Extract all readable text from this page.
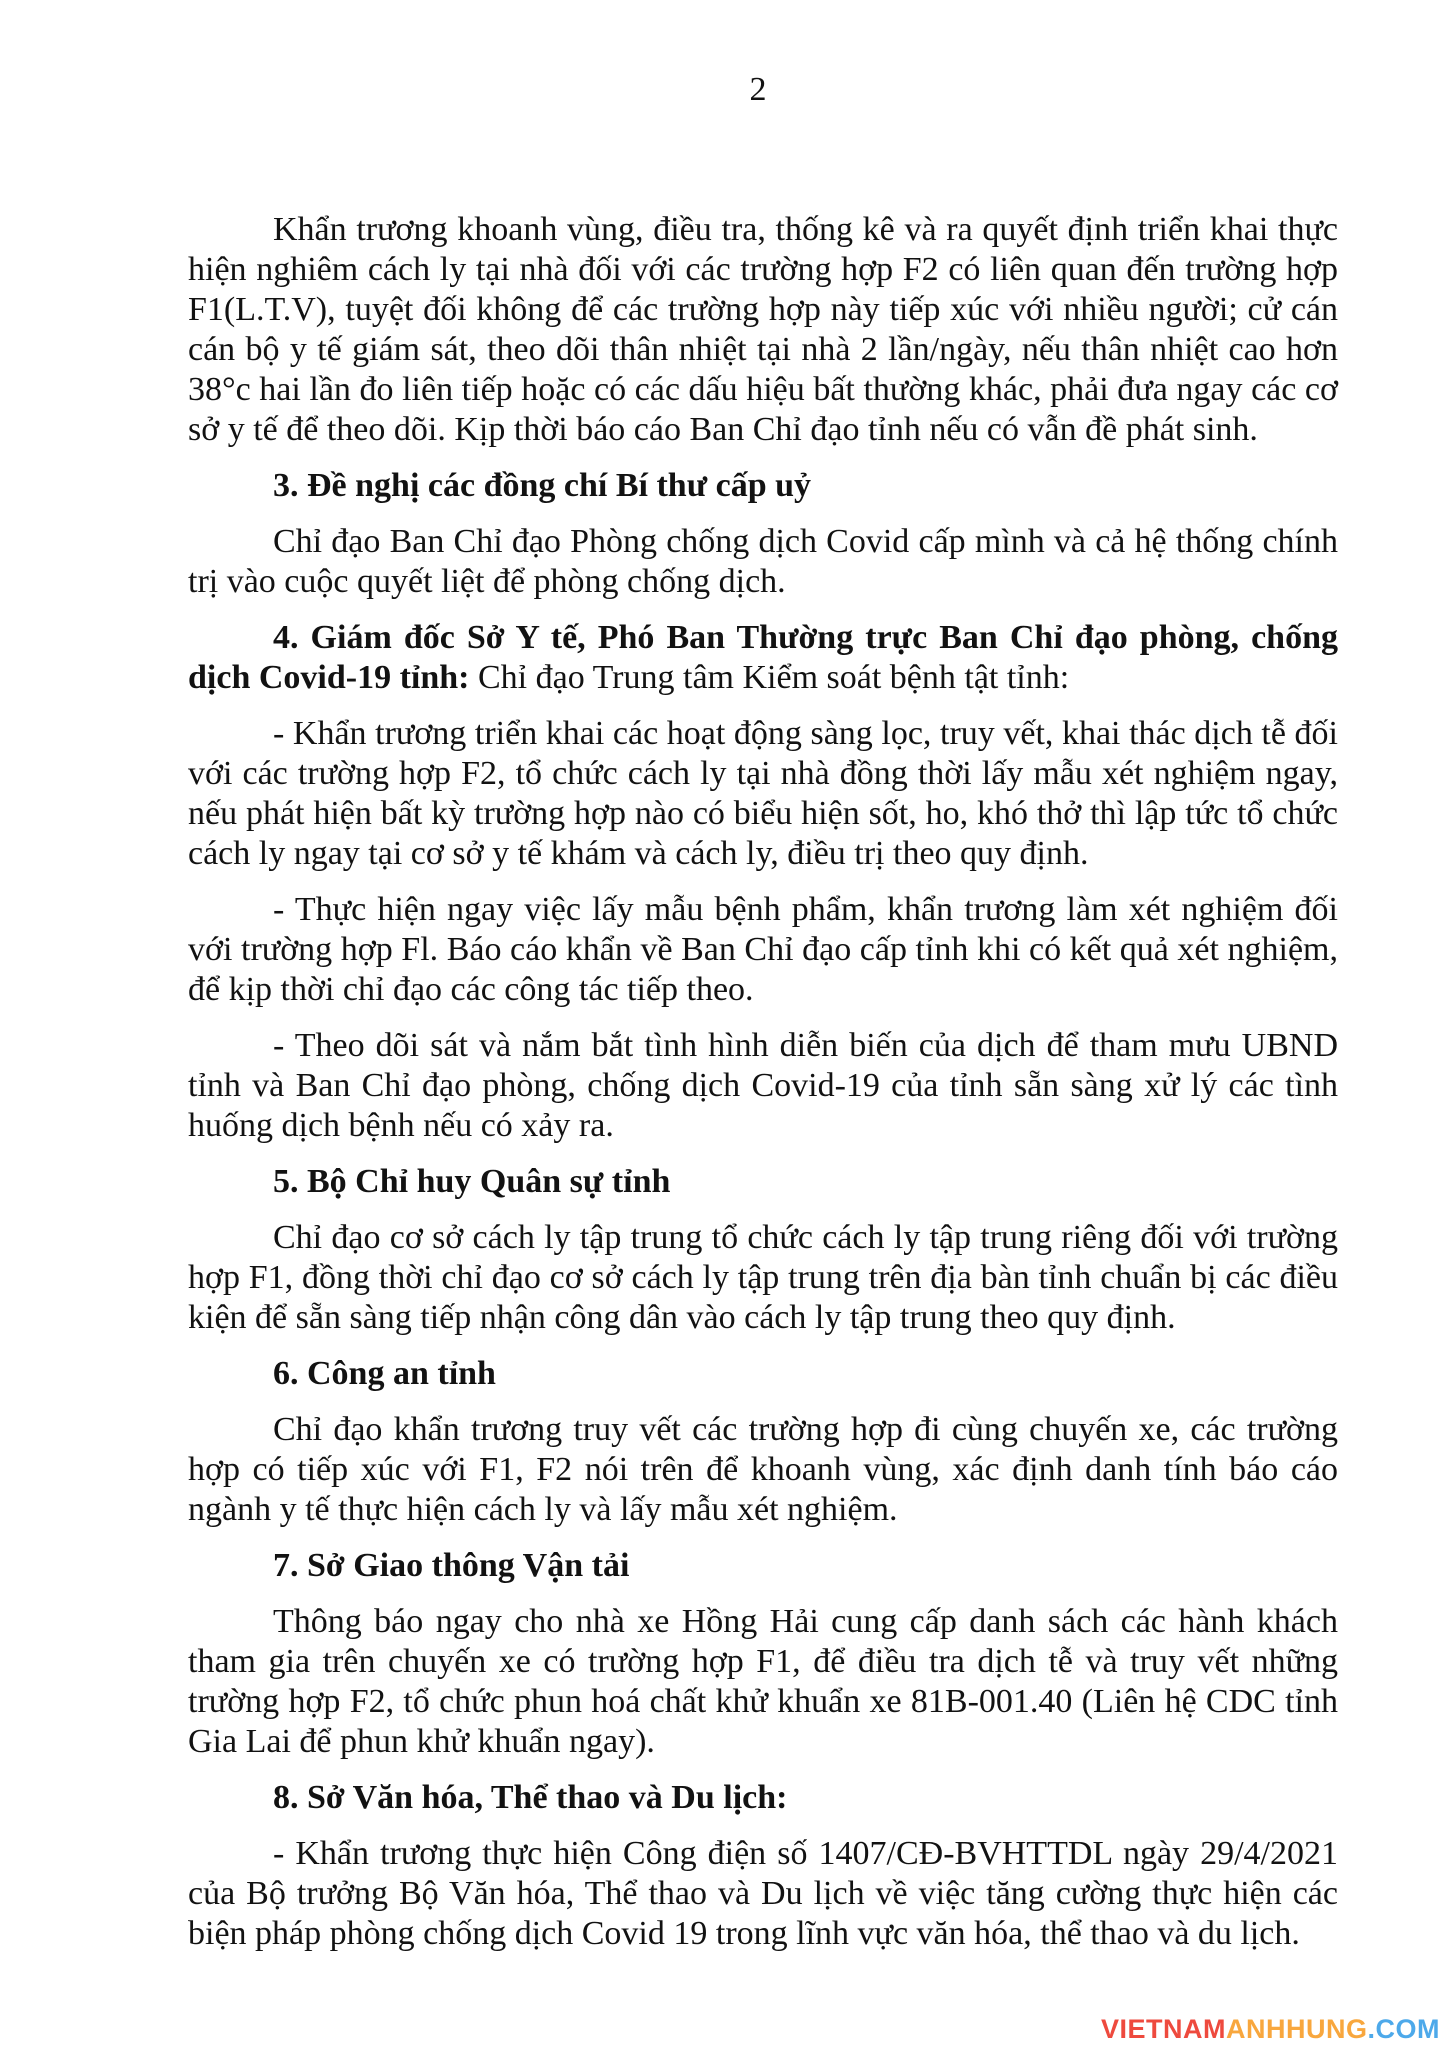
2

Khẩn trương khoanh vùng, điều tra, thống kê và ra quyết định triển khai thực hiện nghiêm cách ly tại nhà đối với các trường hợp F2 có liên quan đến trường hợp F1(L.T.V), tuyệt đối không để các trường hợp này tiếp xúc với nhiều người; cử cán cán bộ y tế giám sát, theo dõi thân nhiệt tại nhà 2 lần/ngày, nếu thân nhiệt cao hơn 38°c hai lần đo liên tiếp hoặc có các dấu hiệu bất thường khác, phải đưa ngay các cơ sở y tế để theo dõi. Kịp thời báo cáo Ban Chỉ đạo tỉnh nếu có vẫn đề phát sinh.

3. Đề nghị các đồng chí Bí thư cấp uỷ

Chỉ đạo Ban Chỉ đạo Phòng chống dịch Covid cấp mình và cả hệ thống chính trị vào cuộc quyết liệt để phòng chống dịch.

4. Giám đốc Sở Y tế, Phó Ban Thường trực Ban Chỉ đạo phòng, chống dịch Covid-19 tỉnh: Chỉ đạo Trung tâm Kiểm soát bệnh tật tỉnh:

- Khẩn trương triển khai các hoạt động sàng lọc, truy vết, khai thác dịch tễ đối với các trường hợp F2, tổ chức cách ly tại nhà đồng thời lấy mẫu xét nghiệm ngay, nếu phát hiện bất kỳ trường hợp nào có biểu hiện sốt, ho, khó thở thì lập tức tổ chức cách ly ngay tại cơ sở y tế khám và cách ly, điều trị theo quy định.

- Thực hiện ngay việc lấy mẫu bệnh phẩm, khẩn trương làm xét nghiệm đối với trường hợp Fl. Báo cáo khẩn về Ban Chỉ đạo cấp tỉnh khi có kết quả xét nghiệm, để kịp thời chỉ đạo các công tác tiếp theo.

- Theo dõi sát và nắm bắt tình hình diễn biến của dịch để tham mưu UBND tỉnh và Ban Chỉ đạo phòng, chống dịch Covid-19 của tỉnh sẵn sàng xử lý các tình huống dịch bệnh nếu có xảy ra.

5. Bộ Chỉ huy Quân sự tỉnh

Chỉ đạo cơ sở cách ly tập trung tổ chức cách ly tập trung riêng đối với trường hợp F1, đồng thời chỉ đạo cơ sở cách ly tập trung trên địa bàn tỉnh chuẩn bị các điều kiện để sẵn sàng tiếp nhận công dân vào cách ly tập trung theo quy định.

6. Công an tỉnh

Chỉ đạo khẩn trương truy vết các trường hợp đi cùng chuyến xe, các trường hợp có tiếp xúc với F1, F2 nói trên để khoanh vùng, xác định danh tính báo cáo ngành y tế thực hiện cách ly và lấy mẫu xét nghiệm.

7. Sở Giao thông Vận tải

Thông báo ngay cho nhà xe Hồng Hải cung cấp danh sách các hành khách tham gia trên chuyến xe có trường hợp F1, để điều tra dịch tễ và truy vết những trường hợp F2, tổ chức phun hoá chất khử khuẩn xe 81B-001.40 (Liên hệ CDC tỉnh Gia Lai để phun khử khuẩn ngay).

8. Sở Văn hóa, Thể thao và Du lịch:

- Khẩn trương thực hiện Công điện số 1407/CĐ-BVHTTDL ngày 29/4/2021 của Bộ trưởng Bộ Văn hóa, Thể thao và Du lịch về việc tăng cường thực hiện các biện pháp phòng chống dịch Covid 19 trong lĩnh vực văn hóa, thể thao và du lịch.

VIETNAMANHHUNG.COM
